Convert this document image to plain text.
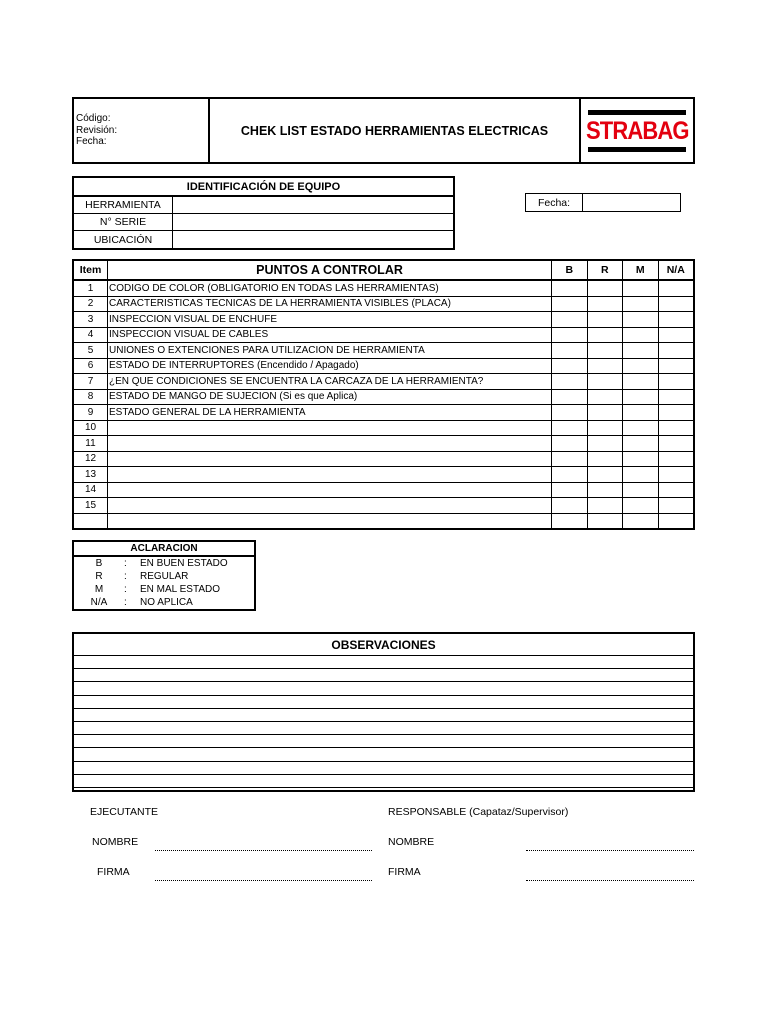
Código:
Revisión:
Fecha:
CHEK LIST ESTADO HERRAMIENTAS ELECTRICAS	STRABAG
IDENTIFICACIÓN DE EQUIPO	
HERRAMIENTA	
N° SERIE	
UBICACIÓN	
Fecha:
Item	PUNTOS A CONTROLAR	B	R	M	N/A
1	CODIGO DE COLOR (OBLIGATORIO EN TODAS LAS HERRAMIENTAS)				
2	CARACTERISTICAS TECNICAS DE LA HERRAMIENTA VISIBLES (PLACA)				
3	INSPECCION VISUAL DE ENCHUFE				
4	INSPECCION VISUAL DE CABLES				
5	UNIONES O EXTENCIONES PARA UTILIZACION DE HERRAMIENTA				
6	ESTADO DE INTERRUPTORES (Encendido / Apagado)				
7	¿EN QUE CONDICIONES SE ENCUENTRA LA CARCAZA DE LA HERRAMIENTA?				
8	ESTADO DE MANGO DE SUJECION (Si es que Aplica)				
9	ESTADO GENERAL DE LA HERRAMIENTA				
10					
11					
12					
13					
14					
15					

ACLARACION		
B	:	EN BUEN ESTADO
R	:	REGULAR
M	:	EN MAL ESTADO
N/A	:	NO APLICA
OBSERVACIONES
EJECUTANTE	RESPONSABLE (Capataz/Supervisor)
NOMBRE	NOMBRE
FIRMA	FIRMA
